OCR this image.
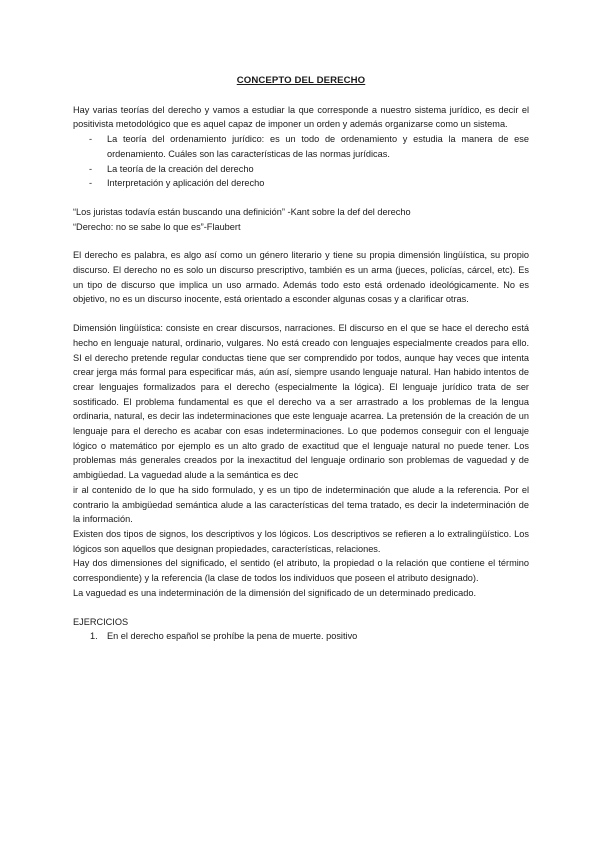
CONCEPTO DEL DERECHO

Hay varias teorías del derecho y vamos a estudiar la que corresponde a nuestro sistema jurídico, es decir el positivista metodológico que es aquel capaz de imponer un orden y además organizarse como un sistema.

- La teoría del ordenamiento jurídico: es un todo de ordenamiento y estudia la manera de ese ordenamiento. Cuáles son las características de las normas jurídicas.
- La teoría de la creación del derecho
- Interpretación y aplicación del derecho

“Los juristas todavía están buscando una definición” -Kant sobre la def del derecho

“Derecho: no se sabe lo que es”-Flaubert

El derecho es palabra, es algo así como un género literario y tiene su propia dimensión lingüística, su propio discurso. El derecho no es solo un discurso prescriptivo, también es un arma (jueces, policías, cárcel, etc). Es un tipo de discurso que implica un uso armado. Además todo esto está ordenado ideológicamente. No es objetivo, no es un discurso inocente, está orientado a esconder algunas cosas y a clarificar otras.

Dimensión lingüística: consiste en crear discursos, narraciones. El discurso en el que se hace el derecho está hecho en lenguaje natural, ordinario, vulgares. No está creado con lenguajes especialmente creados para ello. SI el derecho pretende regular conductas tiene que ser comprendido por todos, aunque hay veces que intenta crear jerga más formal para especificar más, aún así, siempre usando lenguaje natural. Han habido intentos de crear lenguajes formalizados para el derecho (especialmente la lógica). El lenguaje jurídico trata de ser sostificado. El problema fundamental es que el derecho va a ser arrastrado a los problemas de la lengua ordinaria, natural, es decir las indeterminaciones que este lenguaje acarrea. La pretensión de la creación de un lenguaje para el derecho es acabar con esas indeterminaciones. Lo que podemos conseguir con el lenguaje lógico o matemático por ejemplo es un alto grado de exactitud que el lenguaje natural no puede tener. Los problemas más generales creados por la inexactitud del lenguaje ordinario son problemas de vaguedad y de ambigüedad. La vaguedad alude a la semántica es dec

ir al contenido de lo que ha sido formulado, y es un tipo de indeterminación que alude a la referencia. Por el contrario la ambigüedad semántica alude a las características del tema tratado, es decir la indeterminación de la información.

Existen dos tipos de signos, los descriptivos y los lógicos. Los descriptivos se refieren a lo extralingüístico. Los lógicos son aquellos que designan propiedades, características, relaciones.

Hay dos dimensiones del significado, el sentido (el atributo, la propiedad o la relación que contiene el término correspondiente) y la referencia (la clase de todos los individuos que poseen el atributo designado).

La vaguedad es una indeterminación de la dimensión del significado de un determinado predicado.

EJERCICIOS

1. En el derecho español se prohíbe la pena de muerte. positivo
